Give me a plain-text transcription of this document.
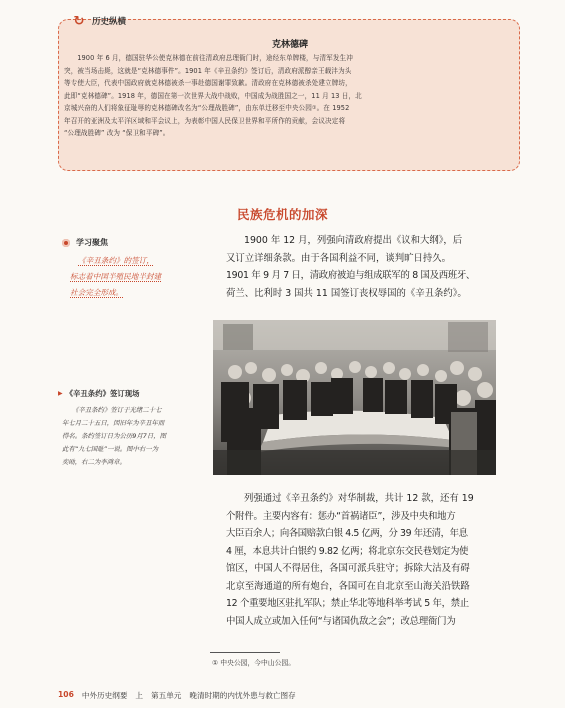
↻ 历史纵横
克林德碑
1900 年 6 月，德国驻华公使克林德在前往清政府总理衙门时，途经东单牌楼，与清军发生冲
突，被当场击毙，这就是“克林德事件”。1901 年《辛丑条约》签订后，清政府派醇亲王载沣为头
等专使大臣，代表中国政府就克林德被杀一事赴德国谢罪致歉。清政府在克林德被杀处建立牌坊，
此即“克林德碑”。1918 年，德国在第一次世界大战中战败，中国成为战胜国之一，11 月 13 日，北
京城兴奋的人们将象征耻辱的克林德碑改名为“公理战胜碑”，由东单迁移至中央公园①。在 1952
年召开的亚洲及太平洋区域和平会议上，为表彰中国人民保卫世界和平所作的贡献，会议决定将
“公理战胜碑” 改为 “保卫和平碑”。
民族危机的加深
学习聚焦
《辛丑条约》的签订，
标志着中国半殖民地半封建
社会完全形成。
▶ 《辛丑条约》签订现场
《辛丑条约》签订于光绪二十七
年七月二十五日，因旧年为辛丑年而
得名。条约签订日为公历9月7日，图
此有“九七国耻”一说。图中右一为
奕劻，右二为李鸿章。
1900 年 12 月，列强向清政府提出《议和大纲》，后
又订立详细条款。由于各国利益不同，谈判旷日持久。
1901 年 9 月 7 日，清政府被迫与组成联军的 8 国及西班牙、
荷兰、比利时 3 国共 11 国签订丧权辱国的《辛丑条约》。
列强通过《辛丑条约》对华制裁，共计 12 款，还有 19
个附件。主要内容有：惩办“首祸诸臣”，涉及中央和地方
大臣百余人；向各国赔款白银 4.5 亿两，分 39 年还清，年息
4 厘，本息共计白银约 9.82 亿两；将北京东交民巷划定为使
馆区，中国人不得居住，各国可派兵驻守；拆除大沽及有碍
北京至海通道的所有炮台，各国可在自北京至山海关沿铁路
12 个重要地区驻扎军队；禁止华北等地科举考试 5 年，禁止
中国人成立或加入任何“与诸国仇敌之会”；改总理衙门为
① 中央公园，今中山公园。
106 中外历史纲要 上 第五单元 晚清时期的内忧外患与救亡图存
